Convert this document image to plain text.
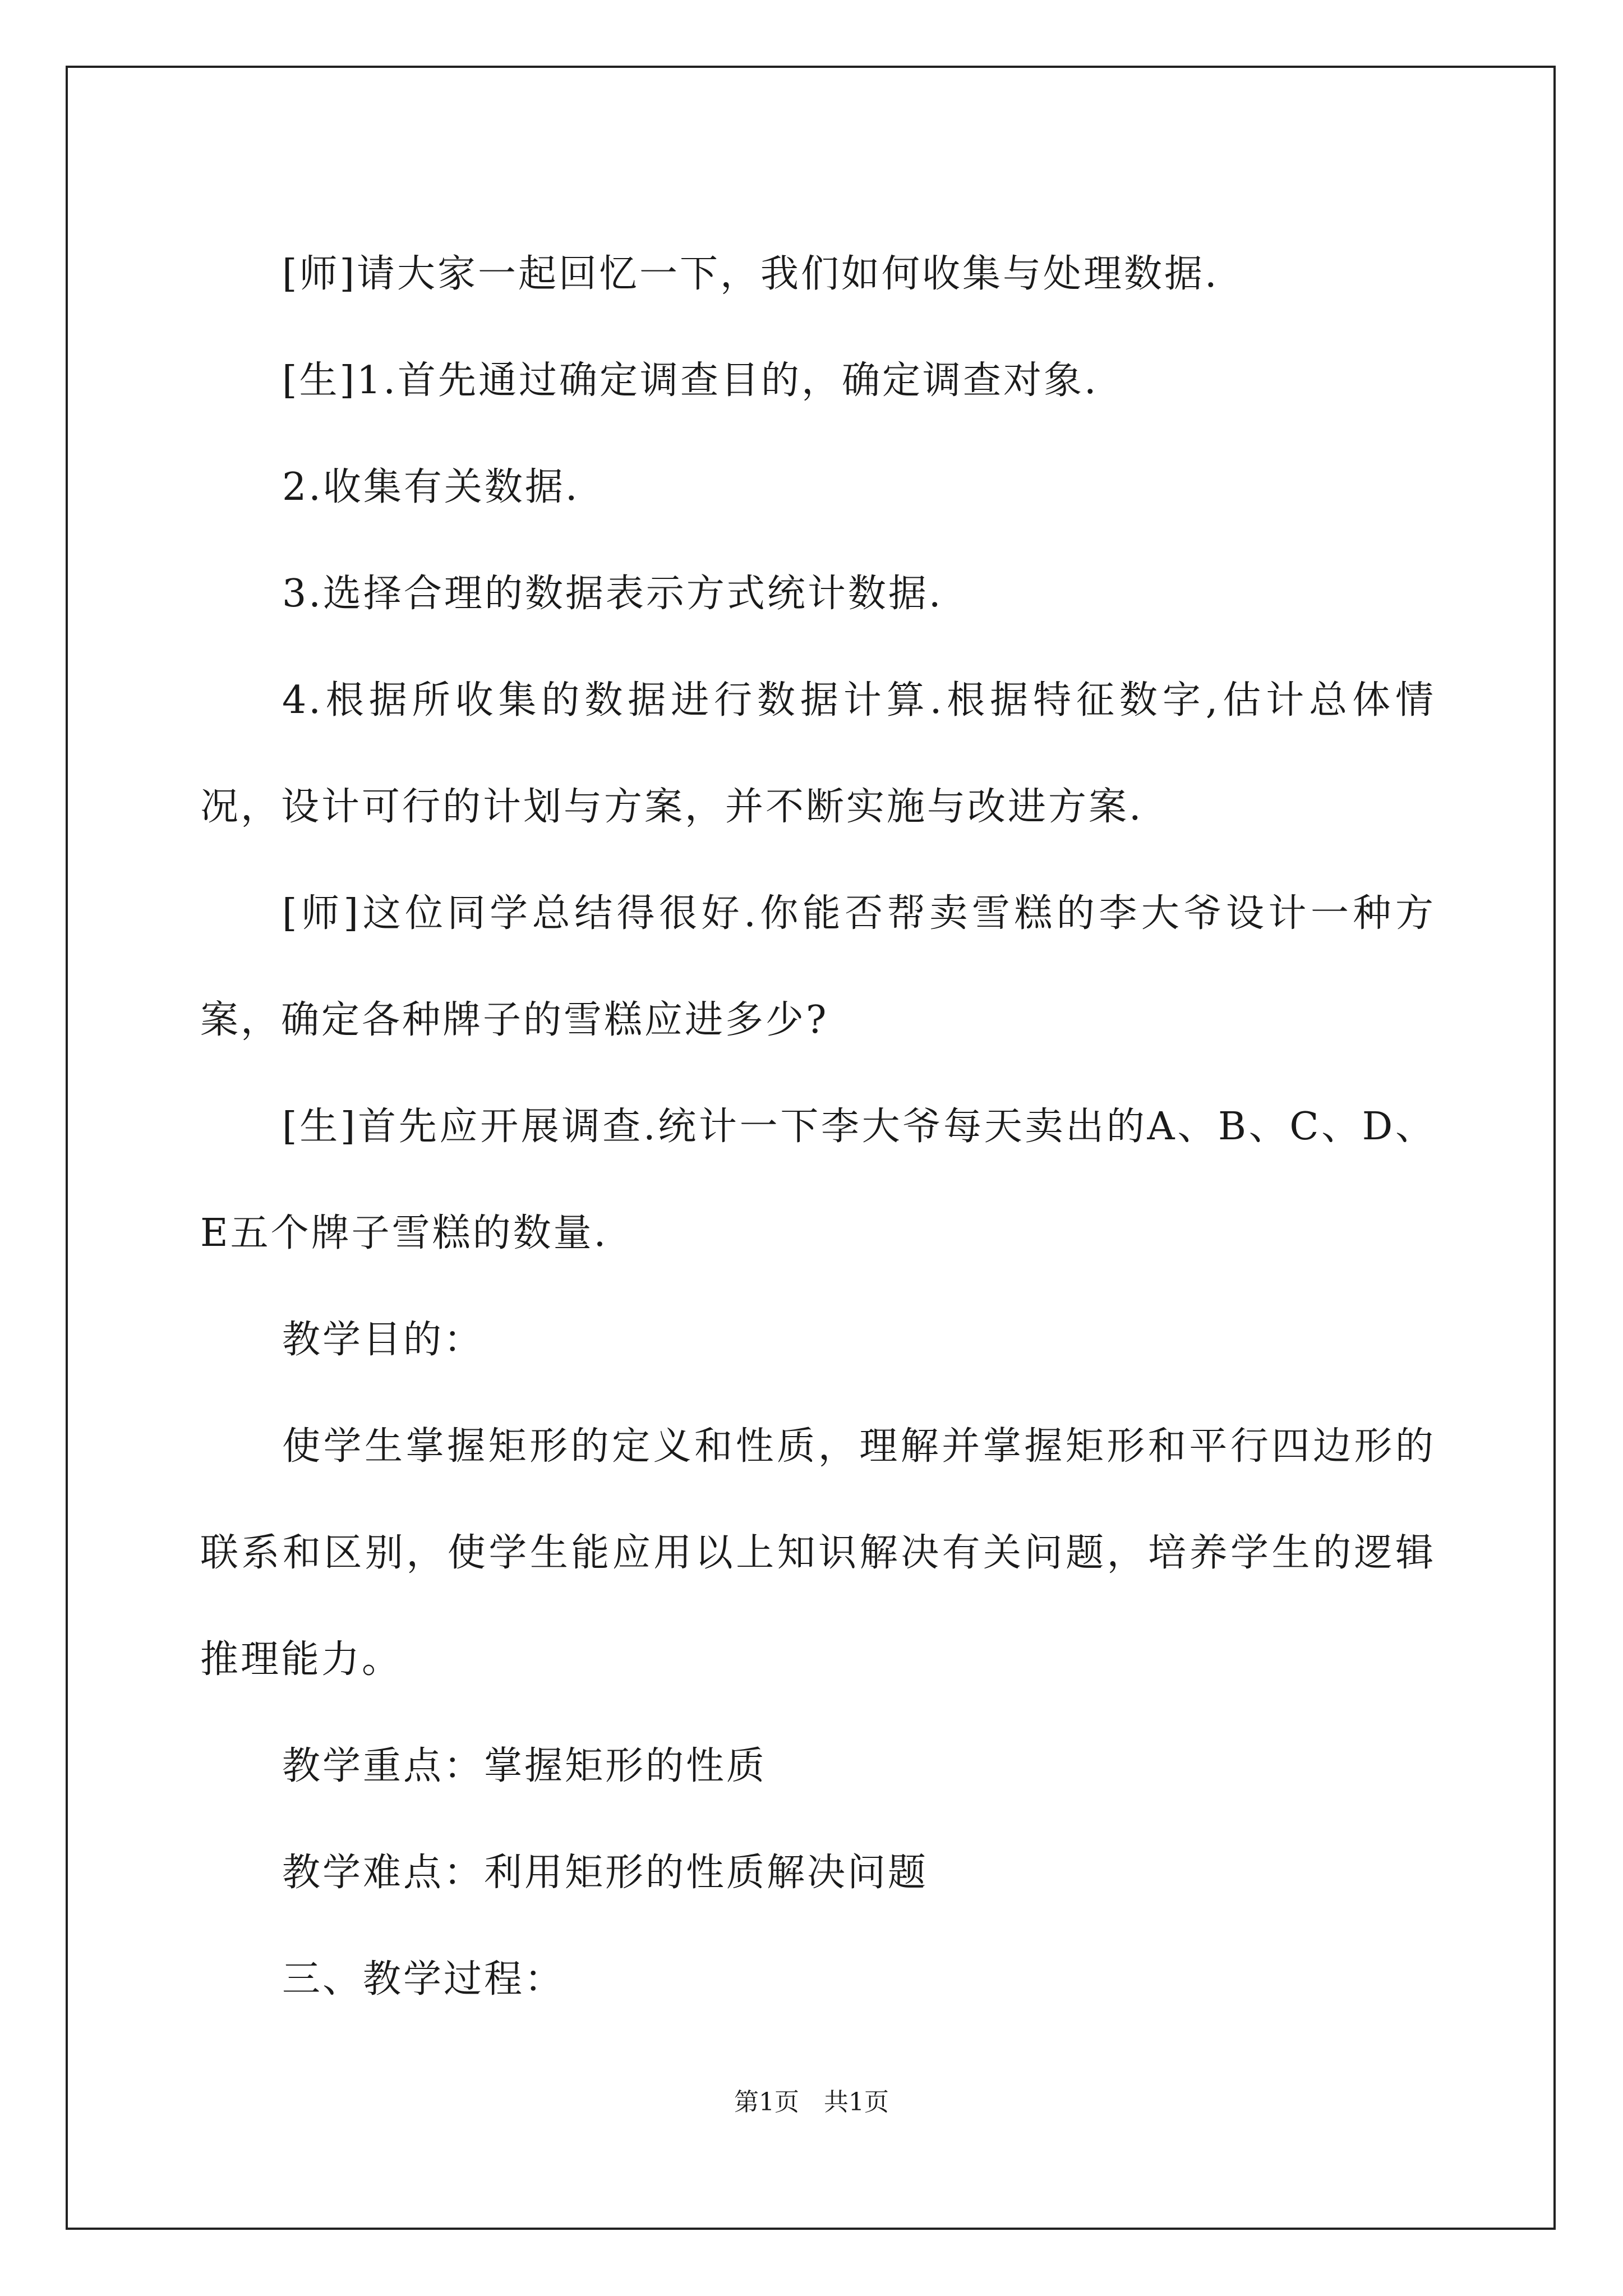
[师]请大家一起回忆一下，我们如何收集与处理数据.

[生]1.首先通过确定调查目的，确定调查对象.

2.收集有关数据.

3.选择合理的数据表示方式统计数据.

4.根据所收集的数据进行数据计算.根据特征数字,估计总体情况，设计可行的计划与方案，并不断实施与改进方案.

[师]这位同学总结得很好.你能否帮卖雪糕的李大爷设计一种方案，确定各种牌子的雪糕应进多少?

[生]首先应开展调查.统计一下李大爷每天卖出的A、B、C、D、E五个牌子雪糕的数量.

教学目的：

使学生掌握矩形的定义和性质，理解并掌握矩形和平行四边形的联系和区别，使学生能应用以上知识解决有关问题，培养学生的逻辑推理能力。

教学重点：掌握矩形的性质

教学难点：利用矩形的性质解决问题

三、教学过程：

第1页　共1页
